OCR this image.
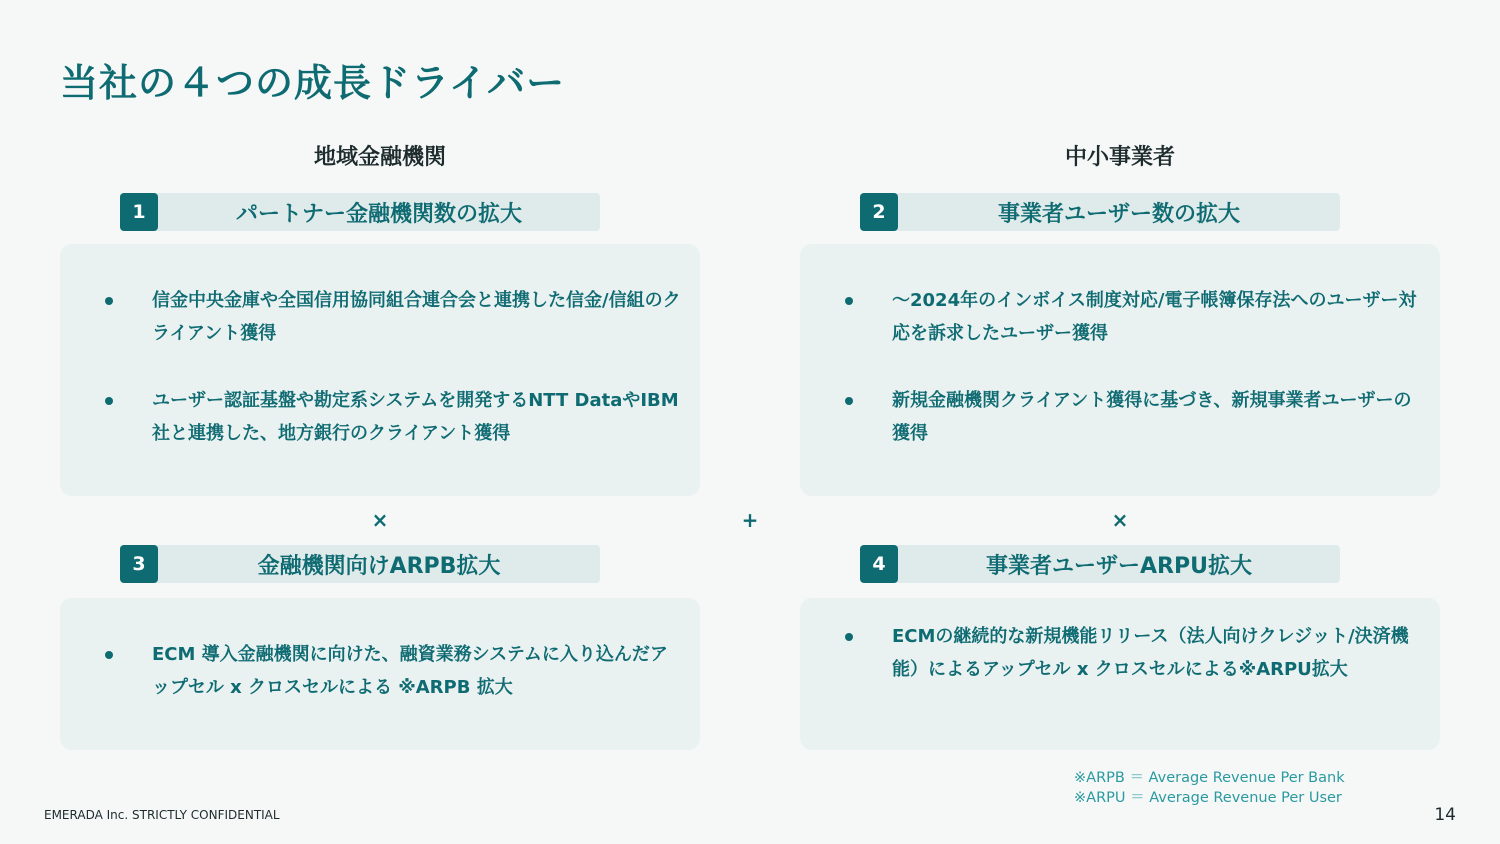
当社の４つの成長ドライバー
地域金融機関	中小事業者
1	パートナー金融機関数の拡大
信金中央金庫や全国信用協同組合連合会と連携した信金/信組のクライアント獲得
ユーザー認証基盤や勘定系システムを開発するNTT DataやIBM社と連携した、地方銀行のクライアント獲得
2	事業者ユーザー数の拡大
〜2024年のインボイス制度対応/電子帳簿保存法へのユーザー対応を訴求したユーザー獲得
新規金融機関クライアント獲得に基づき、新規事業者ユーザーの獲得
×	+	×
3	金融機関向けARPB拡大
ECM 導入金融機関に向けた、融資業務システムに入り込んだアップセル x クロスセルによる ※ARPB 拡大
4	事業者ユーザーARPU拡大
ECMの継続的な新規機能リリース（法人向けクレジット/決済機能）によるアップセル x クロスセルによる※ARPU拡大
※ARPB ＝ Average Revenue Per Bank
※ARPU ＝ Average Revenue Per User
EMERADA Inc. STRICTLY CONFIDENTIAL	14
